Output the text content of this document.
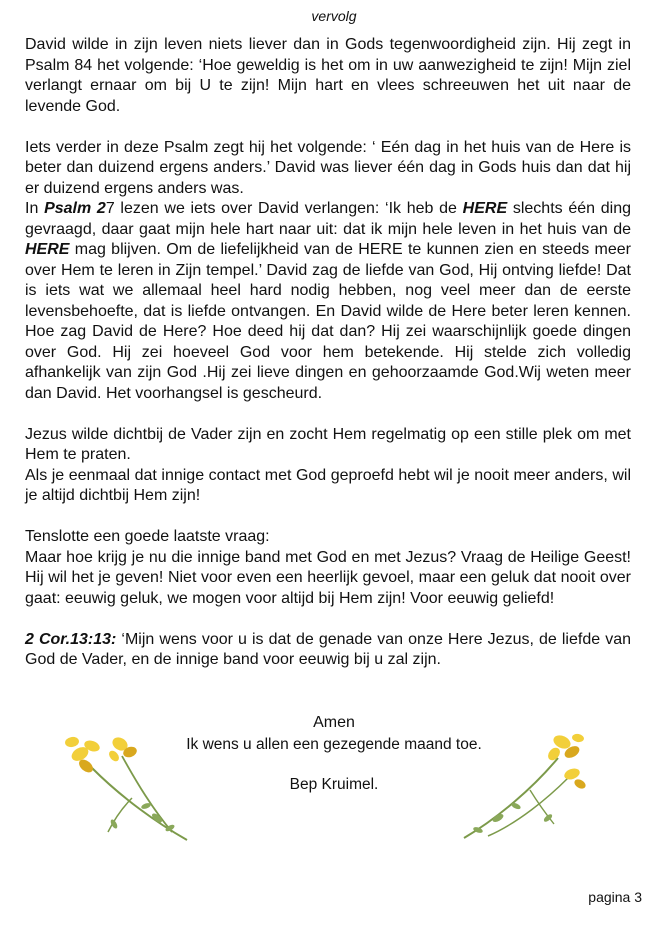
vervolg

David wilde in zijn leven niets liever dan in Gods tegenwoordigheid zijn. Hij zegt in Psalm 84 het volgende: ‘Hoe geweldig is het om in uw aanwezigheid te zijn! Mijn ziel verlangt ernaar om bij U te zijn! Mijn hart en vlees schreeuwen het uit naar de levende God.

Iets verder in deze Psalm zegt hij het volgende: ‘ Eén dag in het huis van de Here is beter dan duizend ergens anders.’ David was liever één dag in Gods huis dan dat hij er duizend ergens anders was.

In Psalm 27 lezen we iets over David verlangen: ‘Ik heb de HERE slechts één ding gevraagd, daar gaat mijn hele hart naar uit: dat ik mijn hele leven in het huis van de HERE mag blijven. Om de liefelijkheid van de HERE te kunnen zien en steeds meer over Hem te leren in Zijn tempel.’ David zag de liefde van God, Hij ontving liefde! Dat is iets wat we allemaal heel hard nodig hebben, nog veel meer dan de eerste levensbehoefte, dat is liefde ontvangen. En David wilde de Here beter leren kennen. Hoe zag David de Here? Hoe deed hij dat dan? Hij zei waarschijnlijk goede dingen over God. Hij zei hoeveel God voor hem betekende. Hij stelde zich volledig afhankelijk van zijn God .Hij zei lieve dingen en gehoorzaamde God.Wij weten meer dan David. Het voorhangsel is gescheurd.

Jezus wilde dichtbij de Vader zijn en zocht Hem regelmatig op een stille plek om met Hem te praten.

Als je eenmaal dat innige contact met God geproefd hebt wil je nooit meer anders, wil je altijd dichtbij Hem zijn!

Tenslotte een goede laatste vraag:

Maar hoe krijg je nu die innige band met God en met Jezus? Vraag de Heilige Geest! Hij wil het je geven! Niet voor even een heerlijk gevoel, maar een geluk dat nooit over gaat: eeuwig geluk, we mogen voor altijd bij Hem zijn! Voor eeuwig geliefd!

2 Cor.13:13: ‘Mijn wens voor u is dat de genade van onze Here Jezus, de liefde van God de Vader, en de innige band voor eeuwig bij u zal zijn.

Amen
Ik wens u allen een gezegende maand toe.
Bep Kruimel.
pagina 3
